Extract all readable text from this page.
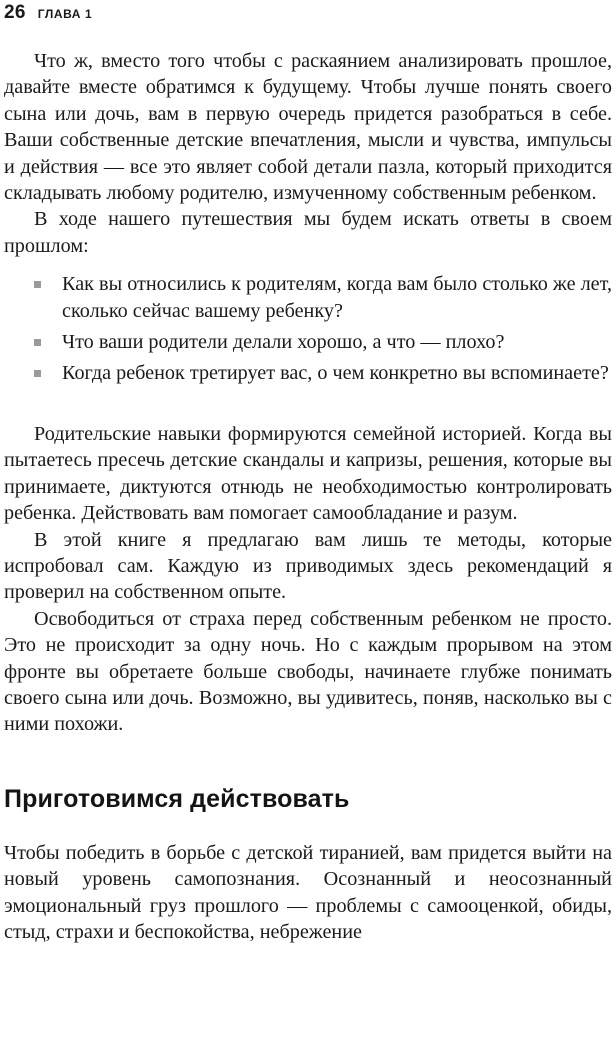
26 ГЛАВА 1

Что ж, вместо того чтобы с раскаянием анализировать прошлое, давайте вместе обратимся к будущему. Чтобы лучше понять своего сына или дочь, вам в первую очередь придется разобраться в себе. Ваши собственные детские впечатления, мысли и чувства, импульсы и действия — все это являет собой детали пазла, который приходится складывать любому родителю, измученному собственным ребенком.

В ходе нашего путешествия мы будем искать ответы в своем прошлом:

Как вы относились к родителям, когда вам было столько же лет, сколько сейчас вашему ребенку?
Что ваши родители делали хорошо, а что — плохо?
Когда ребенок третирует вас, о чем конкретно вы вспоминаете?

Родительские навыки формируются семейной историей. Когда вы пытаетесь пресечь детские скандалы и капризы, решения, которые вы принимаете, диктуются отнюдь не необходимостью контролировать ребенка. Действовать вам помогает самообладание и разум.

В этой книге я предлагаю вам лишь те методы, которые испробовал сам. Каждую из приводимых здесь рекомендаций я проверил на собственном опыте.

Освободиться от страха перед собственным ребенком не просто. Это не происходит за одну ночь. Но с каждым прорывом на этом фронте вы обретаете больше свободы, начинаете глубже понимать своего сына или дочь. Возможно, вы удивитесь, поняв, насколько вы с ними похожи.

Приготовимся действовать

Чтобы победить в борьбе с детской тиранией, вам придется выйти на новый уровень самопознания. Осознанный и неосознанный эмоциональный груз прошлого — проблемы с самооценкой, обиды, стыд, страхи и беспокойства, небрежение
